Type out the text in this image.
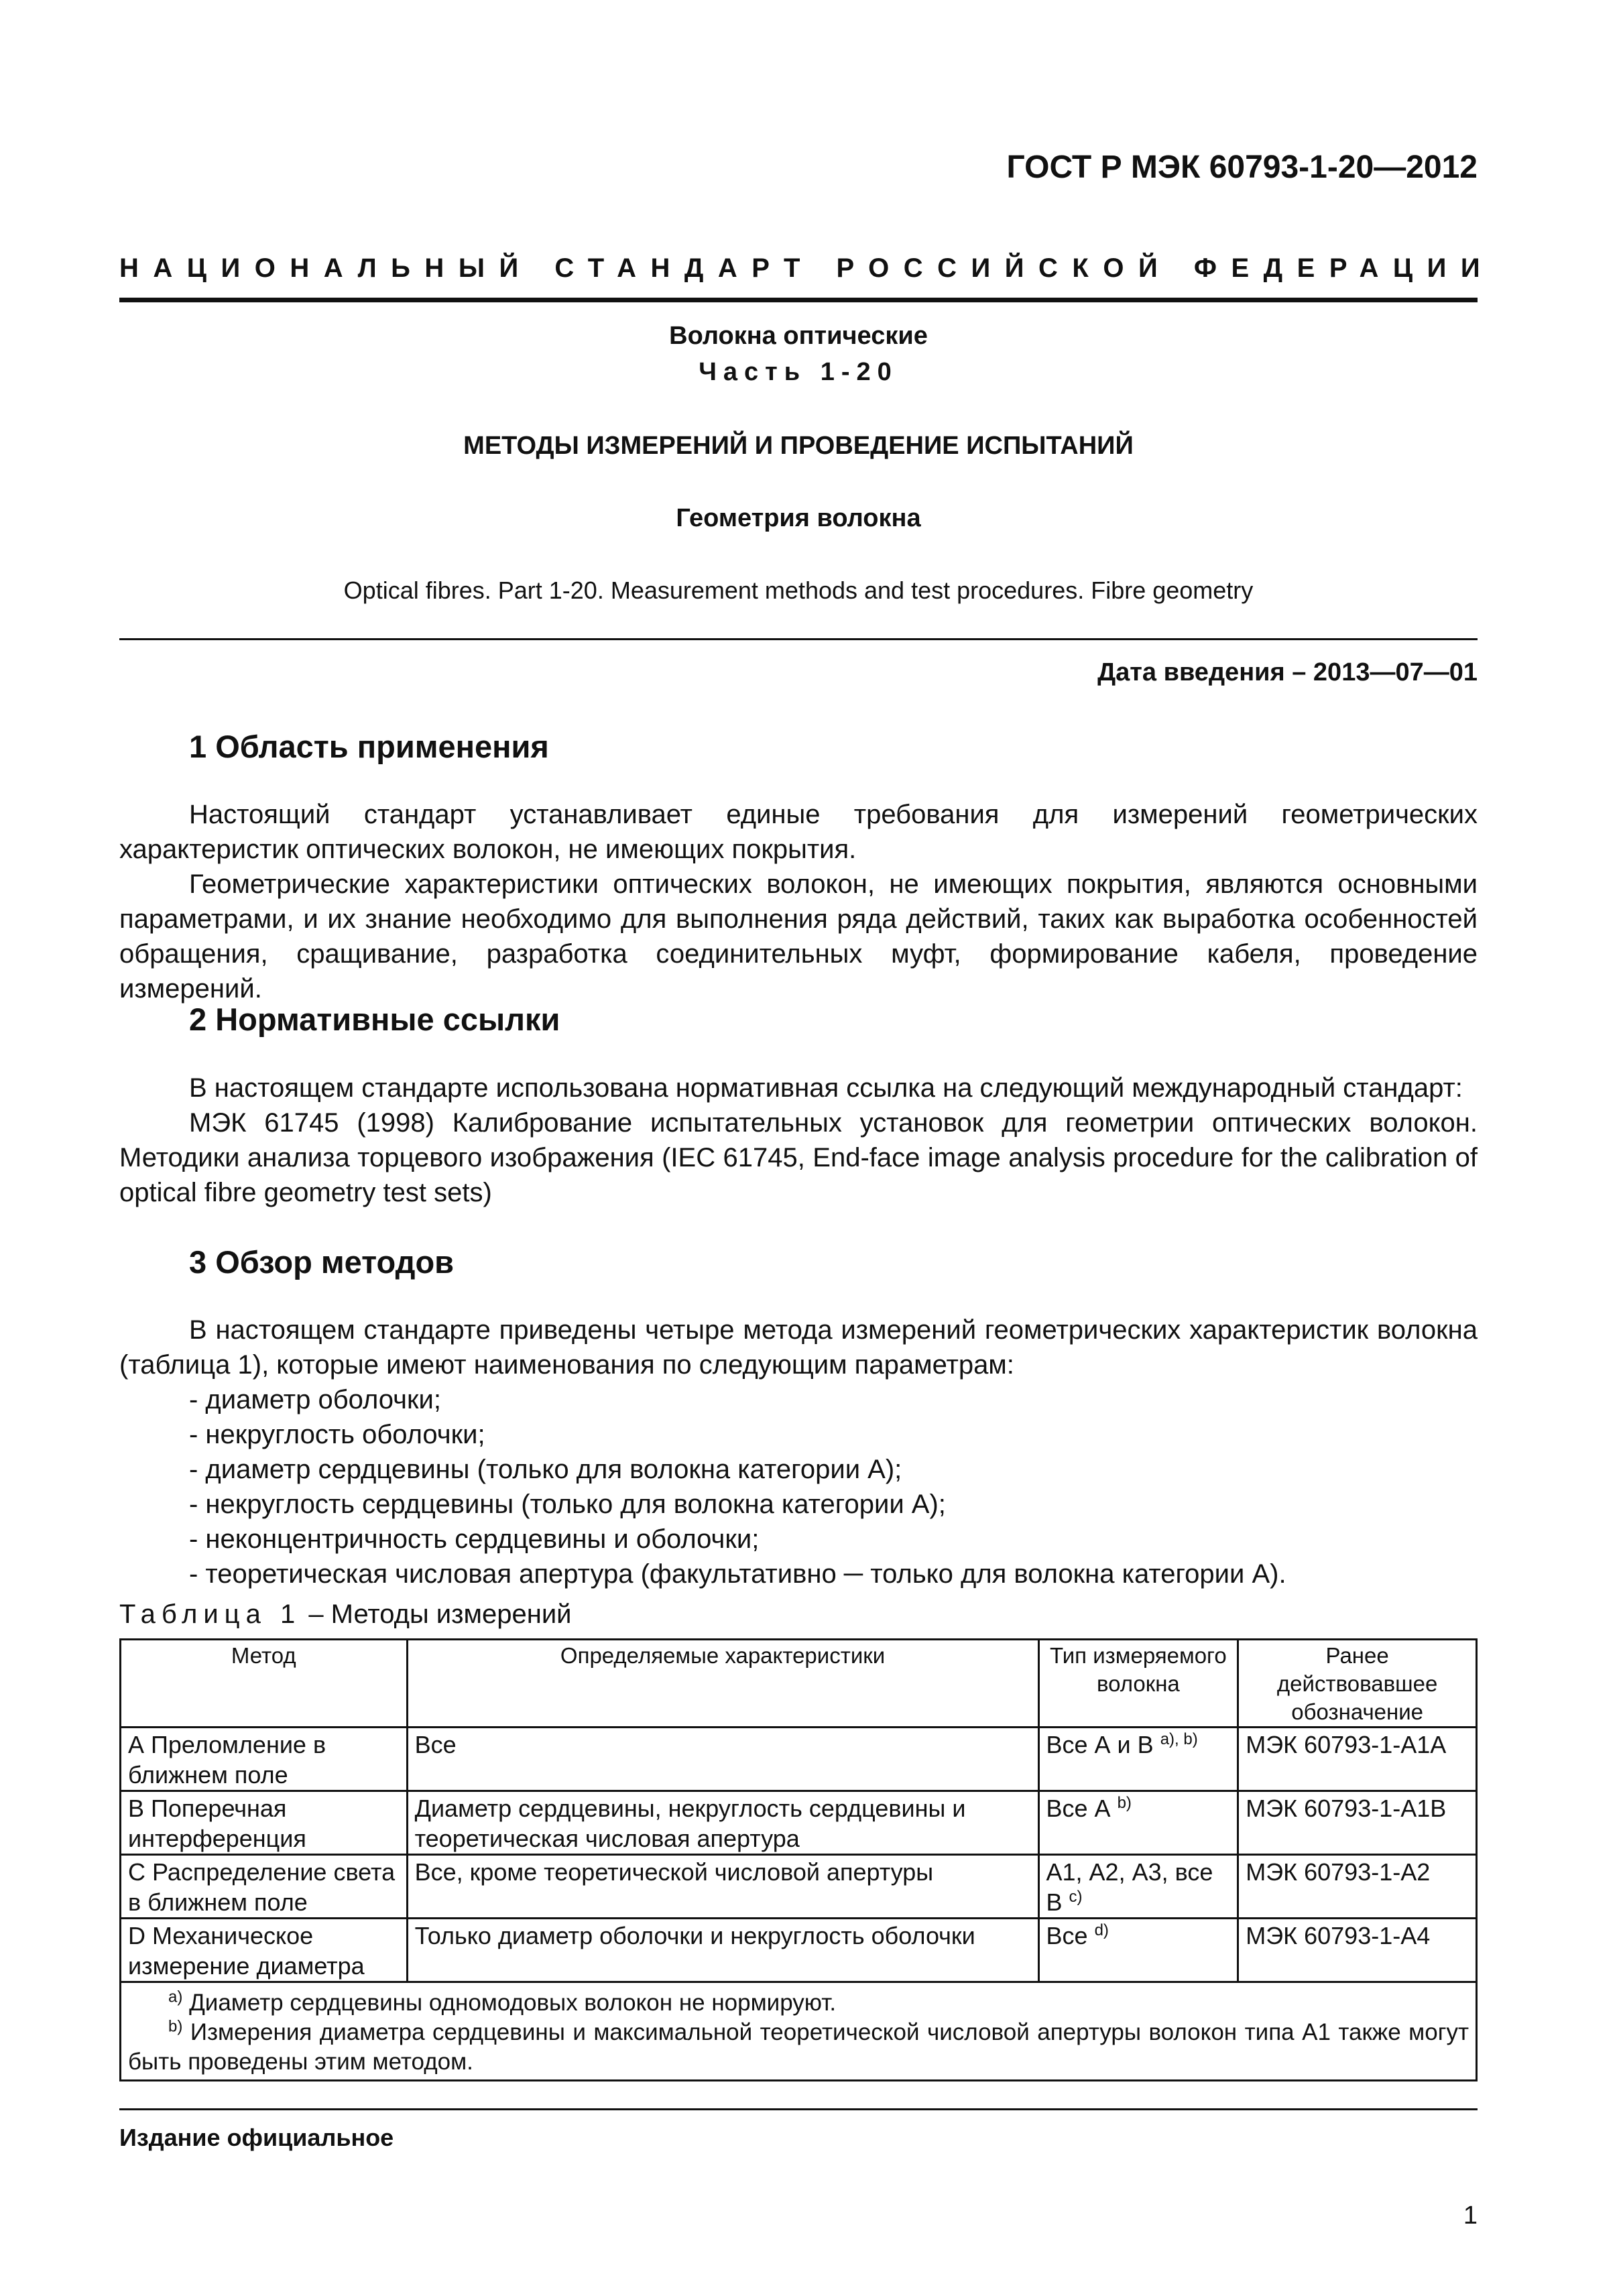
ГОСТ Р МЭК 60793-1-20—2012

НАЦИОНАЛЬНЫЙ СТАНДАРТ РОССИЙСКОЙ ФЕДЕРАЦИИ

Волокна оптические

Часть 1-20

МЕТОДЫ ИЗМЕРЕНИЙ И ПРОВЕДЕНИЕ ИСПЫТАНИЙ

Геометрия волокна

Optical fibres. Part 1-20. Measurement methods and test procedures. Fibre geometry

Дата введения – 2013—07—01

1 Область применения

Настоящий стандарт устанавливает единые требования для измерений геометрических характеристик оптических волокон, не имеющих покрытия.

Геометрические характеристики оптических волокон, не имеющих покрытия, являются основными параметрами, и их знание необходимо для выполнения ряда действий, таких как выработка особенностей обращения, сращивание, разработка соединительных муфт, формирование кабеля, проведение измерений.

2 Нормативные ссылки

В настоящем стандарте использована нормативная ссылка на следующий международный стандарт:

МЭК 61745 (1998) Калибрование испытательных установок для геометрии оптических волокон. Методики анализа торцевого изображения (IEC 61745, End-face image analysis procedure for the calibration of optical fibre geometry test sets)

3 Обзор методов

В настоящем стандарте приведены четыре метода измерений геометрических характеристик волокна (таблица 1), которые имеют наименования по следующим параметрам:

- диаметр оболочки;
- некруглость оболочки;
- диаметр сердцевины (только для волокна категории А);
- некруглость сердцевины (только для волокна категории А);
- неконцентричность сердцевины и оболочки;
- теоретическая числовая апертура (факультативно ─ только для волокна категории А).

Таблица 1 – Методы измерений

Метод	Определяемые характеристики	Тип измеряемого волокна	Ранее действовавшее обозначение
А Преломление в ближнем поле	Все	Все А и В $^{a), b)}$	МЭК 60793-1-А1А
В Поперечная интерференция	Диаметр сердцевины, некруглость сердцевины и теоретическая числовая апертура	Все А $^{b)}$	МЭК 60793-1-А1В
С Распределение света в ближнем поле	Все, кроме теоретической числовой апертуры	А1, А2, А3, все В $^{c)}$	МЭК 60793-1-А2
D Механическое измерение диаметра	Только диаметр оболочки и некруглость оболочки	Все $^{d)}$	МЭК 60793-1-А4

$^{a)}$ Диаметр сердцевины одномодовых волокон не нормируют.

$^{b)}$ Измерения диаметра сердцевины и максимальной теоретической числовой апертуры волокон типа А1 также могут быть проведены этим методом.			

Издание официальное

1
